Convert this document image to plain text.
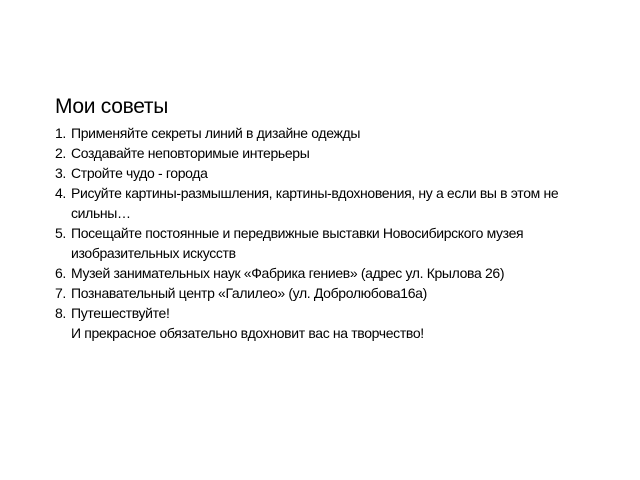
Мои советы
1. Применяйте секреты линий в дизайне одежды
2. Создавайте неповторимые интерьеры
3. Стройте чудо - города
4. Рисуйте картины-размышления, картины-вдохновения, ну а если вы в этом не
сильны…
5. Посещайте постоянные и передвижные выставки Новосибирского музея
изобразительных искусств
6. Музей занимательных наук «Фабрика гениев» (адрес ул. Крылова 26)
7. Познавательный центр «Галилео» (ул. Добролюбова16а)
8. Путешествуйте!
И прекрасное обязательно вдохновит вас на творчество!
